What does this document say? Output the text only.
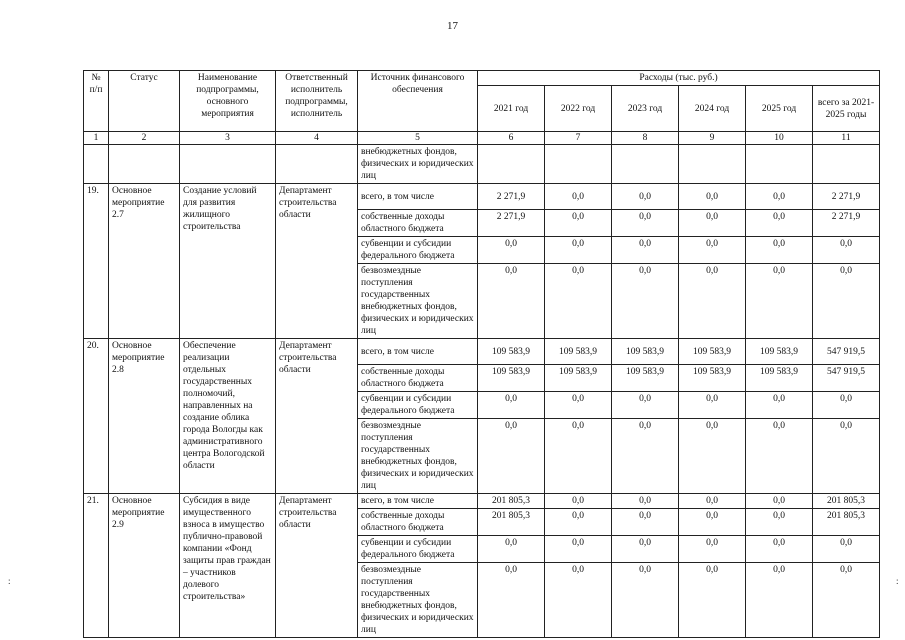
17
:	:
№ п/п	Статус	Наименование подпрограммы, основного мероприятия	Ответственный исполнитель подпрограммы, исполнитель	Источник финансового обеспечения	Расходы (тыс. руб.)					
					2021 год	2022 год	2023 год	2024 год	2025 год	всего за 2021-2025 годы
1	2	3	4	5	6	7	8	9	10	11
				внебюджетных фондов, физических и юридических лиц						
19.	Основное мероприятие 2.7	Создание условий для развития жилищного строительства	Департамент строительства области	всего, в том числе	2 271,9	0,0	0,0	0,0	0,0	2 271,9
				собственные доходы областного бюджета	2 271,9	0,0	0,0	0,0	0,0	2 271,9
				субвенции и субсидии федерального бюджета	0,0	0,0	0,0	0,0	0,0	0,0
				безвозмездные поступления государственных внебюджетных фондов, физических и юридических лиц	0,0	0,0	0,0	0,0	0,0	0,0
20.	Основное мероприятие 2.8	Обеспечение реализации отдельных государственных полномочий, направленных на создание облика города Вологды как административного центра Вологодской области	Департамент строительства области	всего, в том числе	109 583,9	109 583,9	109 583,9	109 583,9	109 583,9	547 919,5
				собственные доходы областного бюджета	109 583,9	109 583,9	109 583,9	109 583,9	109 583,9	547 919,5
				субвенции и субсидии федерального бюджета	0,0	0,0	0,0	0,0	0,0	0,0
				безвозмездные поступления государственных внебюджетных фондов, физических и юридических лиц	0,0	0,0	0,0	0,0	0,0	0,0
21.	Основное мероприятие 2.9	Субсидия в виде имущественного взноса в имущество публично-правовой компании «Фонд защиты прав граждан – участников долевого строительства»	Департамент строительства области	всего, в том числе	201 805,3	0,0	0,0	0,0	0,0	201 805,3
				собственные доходы областного бюджета	201 805,3	0,0	0,0	0,0	0,0	201 805,3
				субвенции и субсидии федерального бюджета	0,0	0,0	0,0	0,0	0,0	0,0
				безвозмездные поступления государственных внебюджетных фондов, физических и юридических лиц	0,0	0,0	0,0	0,0	0,0	0,0
